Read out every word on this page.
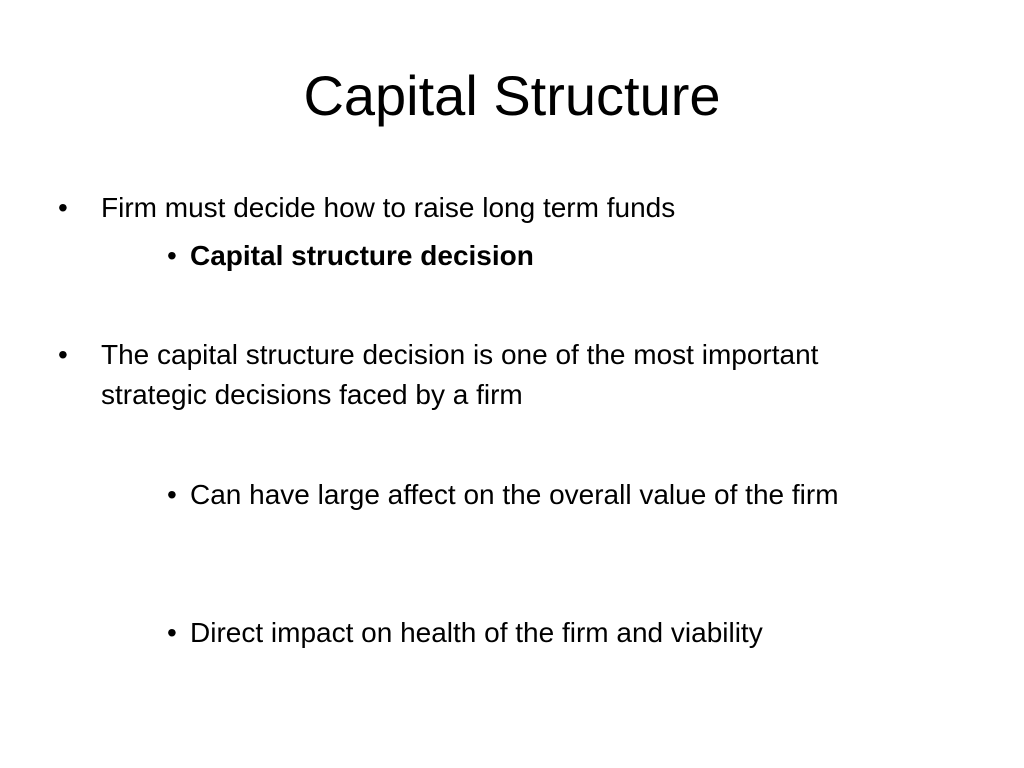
Capital Structure
• Firm must decide how to raise long term funds
• Capital structure decision
• The capital structure decision is one of the most important strategic decisions faced by a firm
• Can have large affect on the overall value of the firm
• Direct impact on health of the firm and viability
